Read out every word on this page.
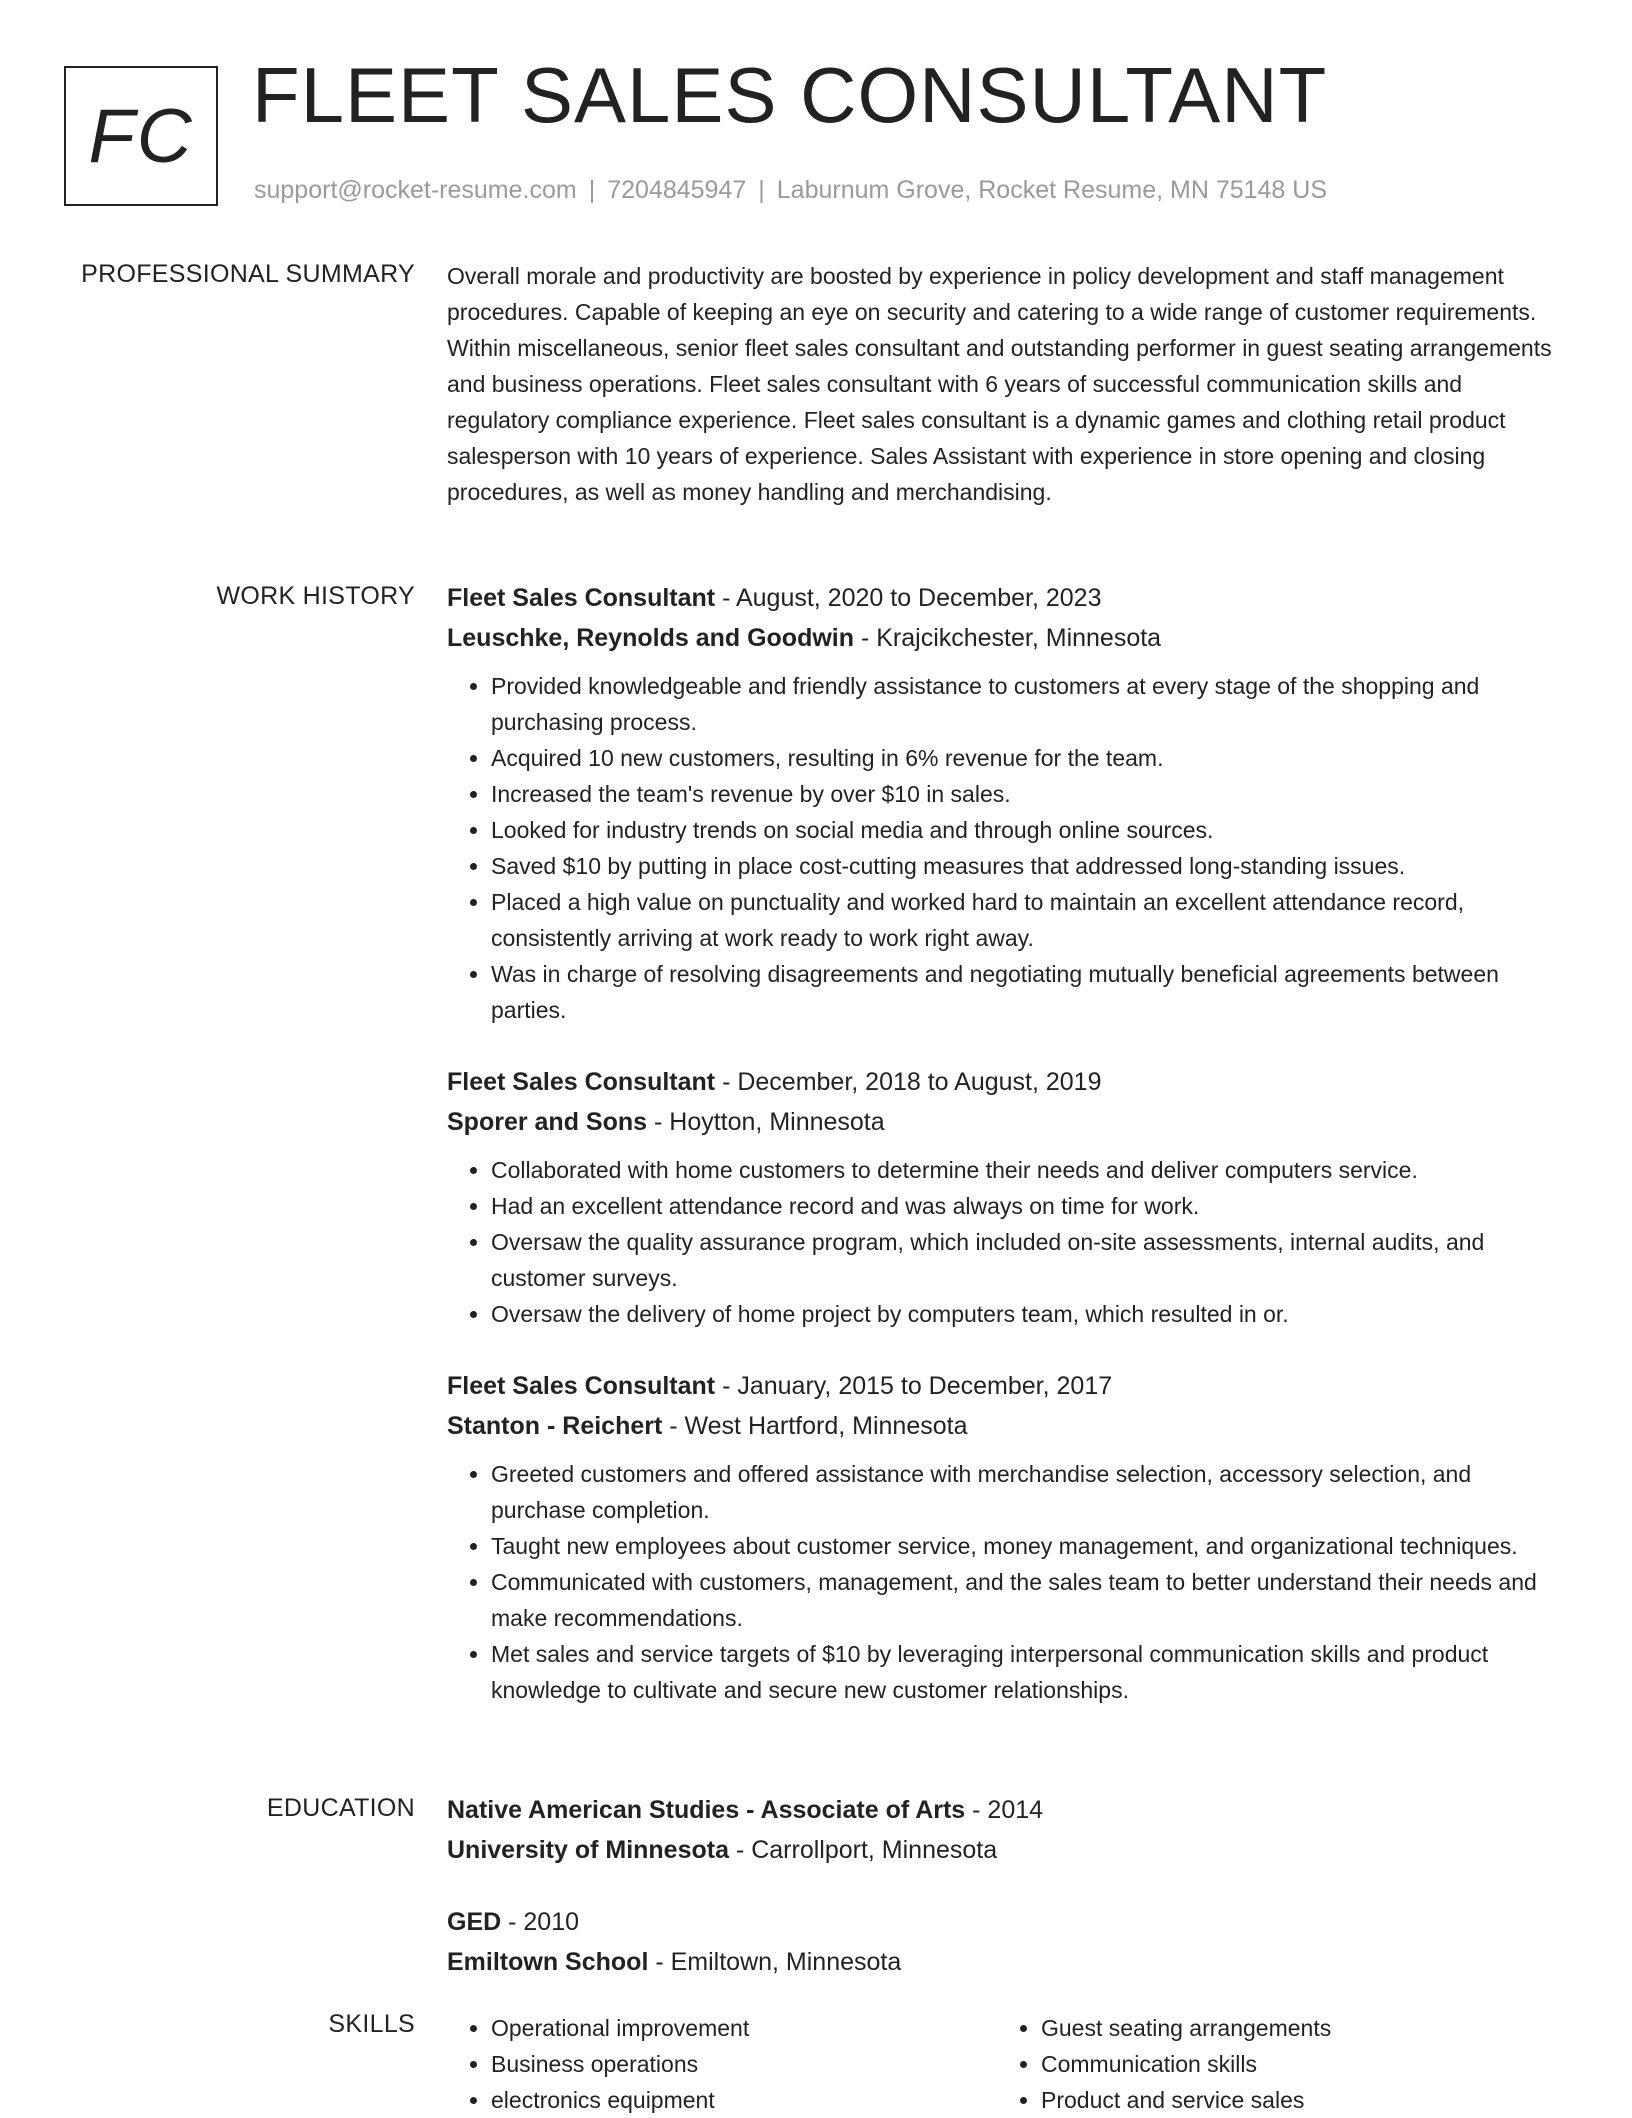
FC FLEET SALES CONSULTANT
support@rocket-resume.com | 7204845947 | Laburnum Grove, Rocket Resume, MN 75148 US
PROFESSIONAL SUMMARY Overall morale and productivity are boosted by experience in policy development and staff management procedures. Capable of keeping an eye on security and catering to a wide range of customer requirements. Within miscellaneous, senior fleet sales consultant and outstanding performer in guest seating arrangements and business operations. Fleet sales consultant with 6 years of successful communication skills and regulatory compliance experience. Fleet sales consultant is a dynamic games and clothing retail product salesperson with 10 years of experience. Sales Assistant with experience in store opening and closing procedures, as well as money handling and merchandising.
WORK HISTORY Fleet Sales Consultant - August, 2020 to December, 2023
Leuschke, Reynolds and Goodwin - Krajcikchester, Minnesota
• Provided knowledgeable and friendly assistance to customers at every stage of the shopping and purchasing process.
• Acquired 10 new customers, resulting in 6% revenue for the team.
• Increased the team's revenue by over $10 in sales.
• Looked for industry trends on social media and through online sources.
• Saved $10 by putting in place cost-cutting measures that addressed long-standing issues.
• Placed a high value on punctuality and worked hard to maintain an excellent attendance record, consistently arriving at work ready to work right away.
• Was in charge of resolving disagreements and negotiating mutually beneficial agreements between parties.
Fleet Sales Consultant - December, 2018 to August, 2019
Sporer and Sons - Hoytton, Minnesota
• Collaborated with home customers to determine their needs and deliver computers service.
• Had an excellent attendance record and was always on time for work.
• Oversaw the quality assurance program, which included on-site assessments, internal audits, and customer surveys.
• Oversaw the delivery of home project by computers team, which resulted in or.
Fleet Sales Consultant - January, 2015 to December, 2017
Stanton - Reichert - West Hartford, Minnesota
• Greeted customers and offered assistance with merchandise selection, accessory selection, and purchase completion.
• Taught new employees about customer service, money management, and organizational techniques.
• Communicated with customers, management, and the sales team to better understand their needs and make recommendations.
• Met sales and service targets of $10 by leveraging interpersonal communication skills and product knowledge to cultivate and secure new customer relationships.
EDUCATION Native American Studies - Associate of Arts - 2014
University of Minnesota - Carrollport, Minnesota
GED - 2010
Emiltown School - Emiltown, Minnesota
SKILLS
•	Operational improvement
• Business operations
• electronics equipment
• Guest seating arrangements
• Communication skills
• Product and service sales
